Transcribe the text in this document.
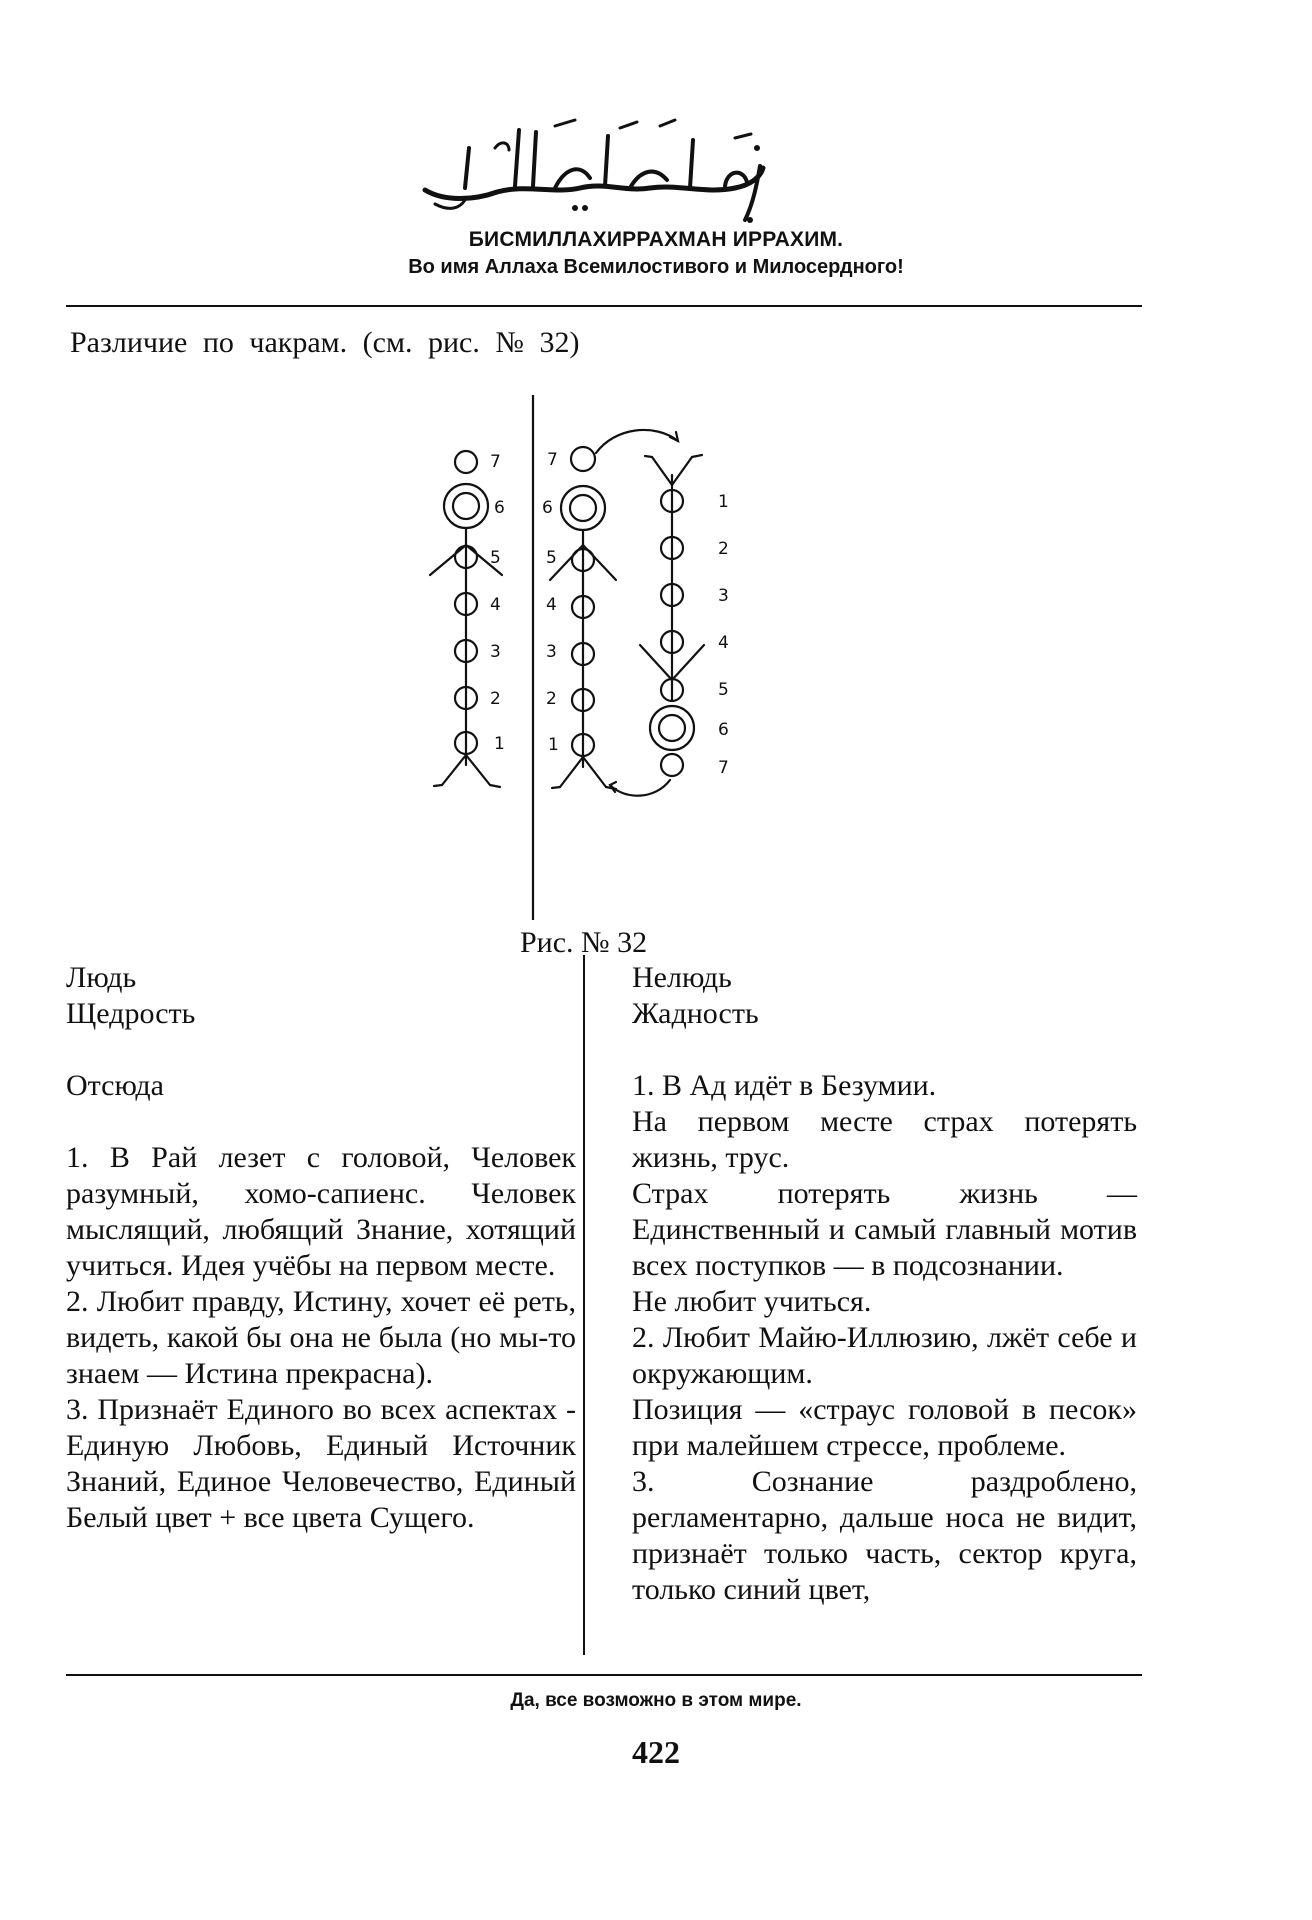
БИСМИЛЛАХИРРАХМАН ИРРАХИМ.
Во имя Аллаха Всемилостивого и Милосердного!
Различие по чакрам. (см. рис. № 32)
7
6
5
4
3
2
1
7
6
5
4
3
2
1
1
2
3
4
5
6
7
Рис. № 32

Людь

Щедрость

Отсюда

1. В Рай лезет с головой, Человек разумный, хомо-сапиенс. Человек мыслящий, любящий Знание, хотящий учиться. Идея учёбы на первом месте.

2. Любит правду, Истину, хочет её реть, видеть, какой бы она не была (но мы-то знаем — Истина прекрасна).

3. Признаёт Единого во всех аспектах - Единую Любовь, Единый Источник Знаний, Единое Человечество, Единый Белый цвет + все цвета Сущего.

Нелюдь

Жадность

1. В Ад идёт в Безумии.

На первом месте страх потерять жизнь, трус.

Страх потерять жизнь — Единственный и самый главный мотив всех поступков — в подсознании.

Не любит учиться.

2. Любит Майю-Иллюзию, лжёт себе и окружающим.

Позиция — «страус головой в песок» при малейшем стрессе, проблеме.

3. Сознание раздроблено, регламентарно, дальше носа не видит, признаёт только часть, сектор круга, только синий цвет,

Да, все возможно в этом мире.
422
